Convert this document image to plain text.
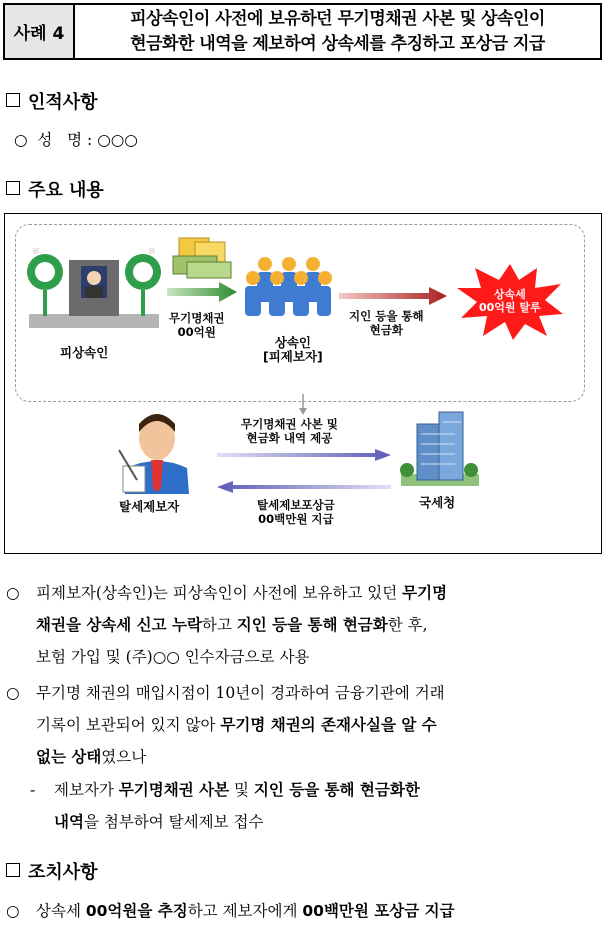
사례 4
피상속인이 사전에 보유하던 무기명채권 사본 및 상속인이
현금화한 내역을 제보하여 상속세를 추징하고 포상금 지급
인적사항
○ 성   명 : ○○○
주요 내용
피상속인
무기명채권
00억원
상속인
[피제보자]
지인 등을 통해
현금화
상속세
00억원 탈루
탈세제보자
무기명채권 사본 및
현금화 내역 제공
탈세제보포상금
00백만원 지급
국세청
○	피제보자(상속인)는 피상속인이 사전에 보유하고 있던 무기명
채권을 상속세 신고 누락하고 지인 등을 통해 현금화한 후,
보험 가입 및 (주)○○ 인수자금으로 사용
○	무기명 채권의 매입시점이 10년이 경과하여 금융기관에 거래
기록이 보관되어 있지 않아 무기명 채권의 존재사실을 알 수
없는 상태였으나
-	제보자가 무기명채권 사본 및 지인 등을 통해 현금화한
내역을 첨부하여 탈세제보 접수
조치사항
○	상속세 00억원을 추징하고 제보자에게 00백만원 포상금 지급
